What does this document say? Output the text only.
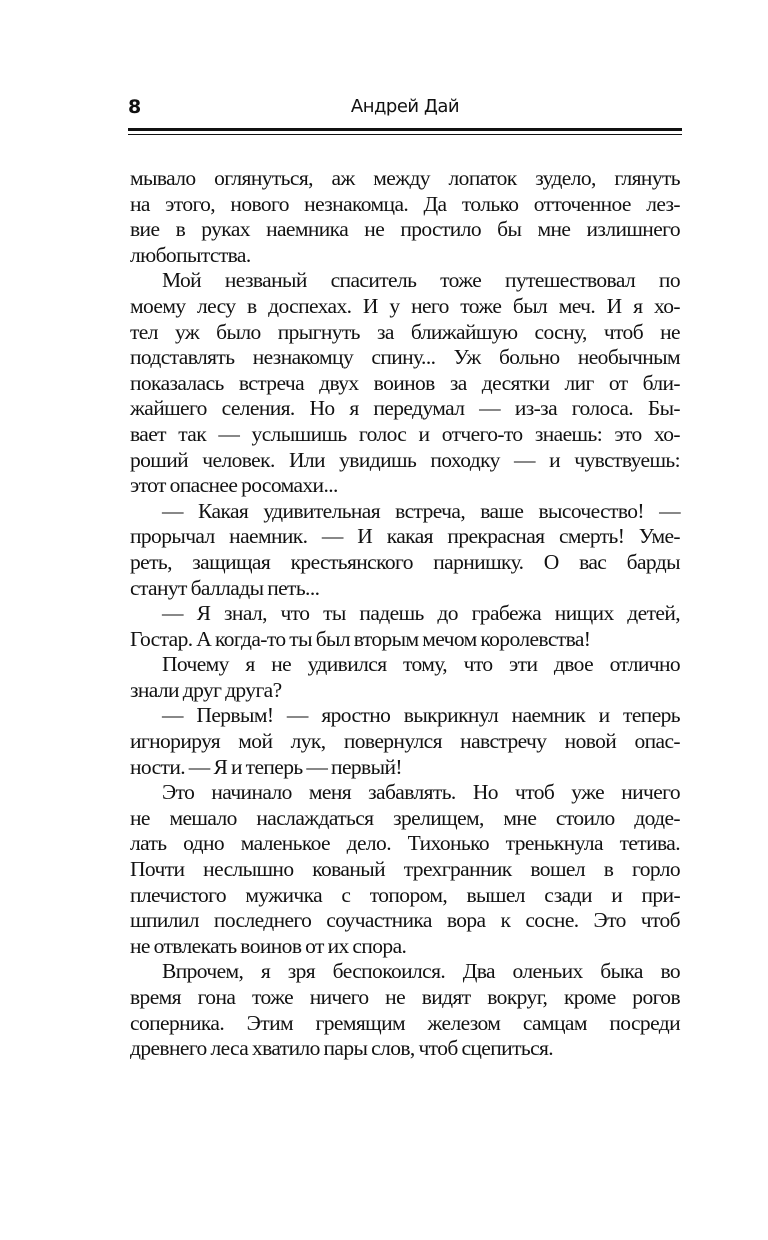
8	Андрей Дай
мывало оглянуться, аж между лопаток зудело, глянуть
на этого, нового незнакомца. Да только отточенное лез-
вие в руках наемника не простило бы мне излишнего
любопытства.
Мой незваный спаситель тоже путешествовал по
моему лесу в доспехах. И у него тоже был меч. И я хо-
тел уж было прыгнуть за ближайшую сосну, чтоб не
подставлять незнакомцу спину... Уж больно необычным
показалась встреча двух воинов за десятки лиг от бли-
жайшего селения. Но я передумал — из-за голоса. Бы-
вает так — услышишь голос и отчего-то знаешь: это хо-
роший человек. Или увидишь походку — и чувствуешь:
этот опаснее росомахи...
— Какая удивительная встреча, ваше высочество! —
прорычал наемник. — И какая прекрасная смерть! Уме-
реть, защищая крестьянского парнишку. О вас барды
станут баллады петь...
— Я знал, что ты падешь до грабежа нищих детей,
Гостар. А когда-то ты был вторым мечом королевства!
Почему я не удивился тому, что эти двое отлично
знали друг друга?
— Первым! — яростно выкрикнул наемник и теперь
игнорируя мой лук, повернулся навстречу новой опас-
ности. — Я и теперь — первый!
Это начинало меня забавлять. Но чтоб уже ничего
не мешало наслаждаться зрелищем, мне стоило доде-
лать одно маленькое дело. Тихонько тренькнула тетива.
Почти неслышно кованый трехгранник вошел в горло
плечистого мужичка с топором, вышел сзади и при-
шпилил последнего соучастника вора к сосне. Это чтоб
не отвлекать воинов от их спора.
Впрочем, я зря беспокоился. Два оленьих быка во
время гона тоже ничего не видят вокруг, кроме рогов
соперника. Этим гремящим железом самцам посреди
древнего леса хватило пары слов, чтоб сцепиться.
